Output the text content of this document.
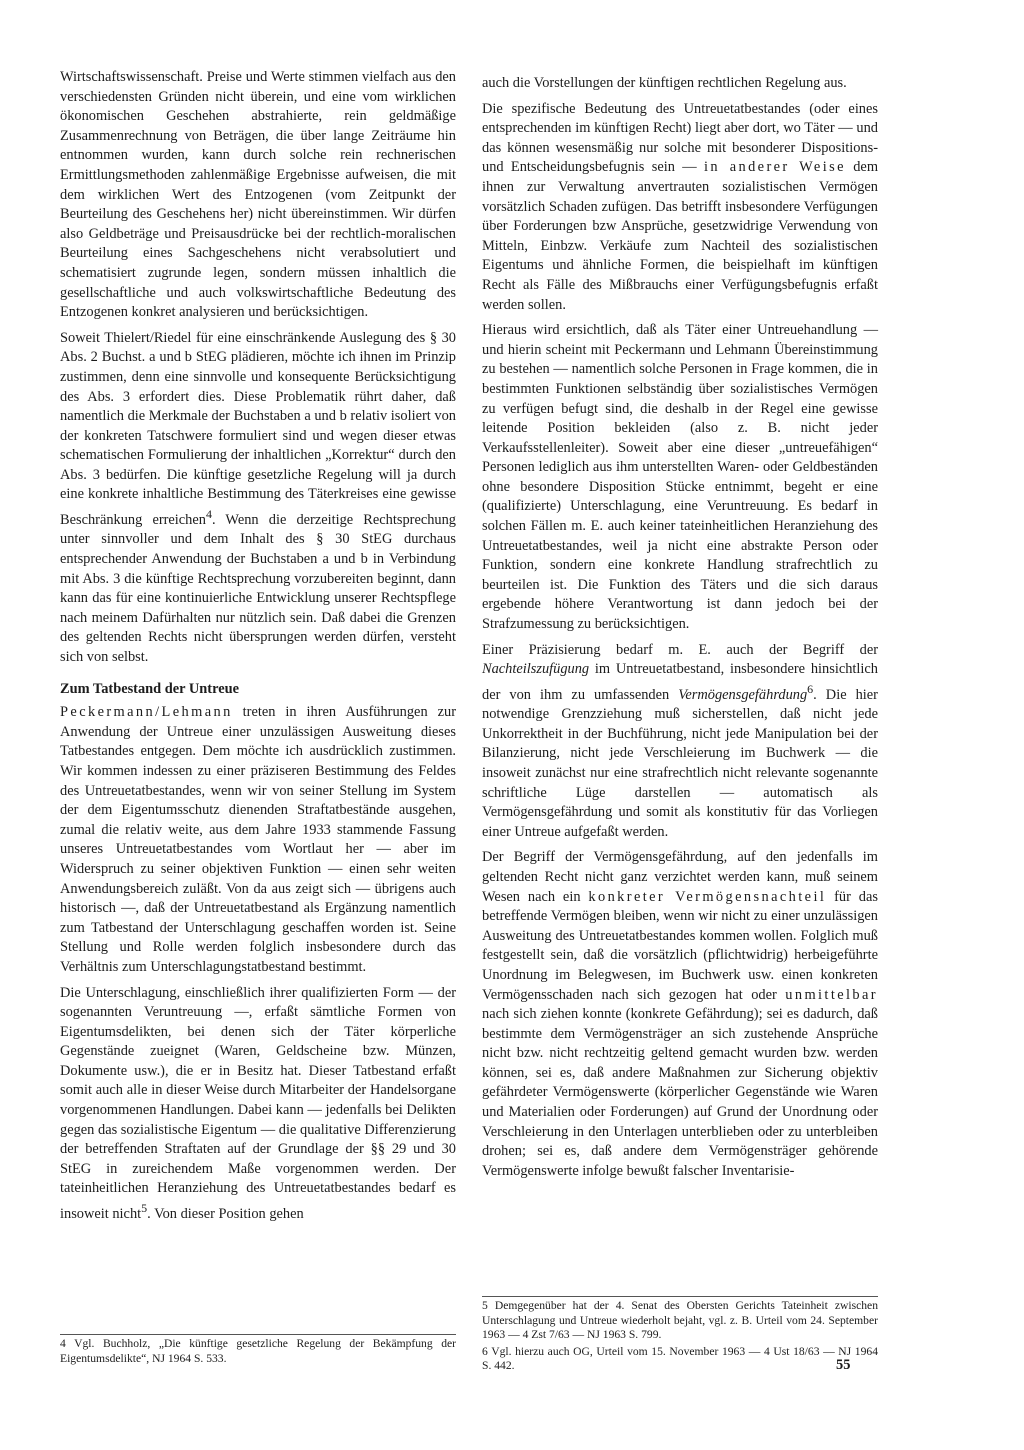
Wirtschaftswissenschaft. Preise und Werte stimmen vielfach aus den verschiedensten Gründen nicht überein, und eine vom wirklichen ökonomischen Geschehen abstrahierte, rein geldmäßige Zusammenrechnung von Beträgen, die über lange Zeiträume hin entnommen wurden, kann durch solche rein rechnerischen Ermittlungsmethoden zahlenmäßige Ergebnisse aufweisen, die mit dem wirklichen Wert des Entzogenen (vom Zeitpunkt der Beurteilung des Geschehens her) nicht übereinstimmen. Wir dürfen also Geldbeträge und Preisausdrücke bei der rechtlich-moralischen Beurteilung eines Sachgeschehens nicht verabsolutiert und schematisiert zugrunde legen, sondern müssen inhaltlich die gesellschaftliche und auch volkswirtschaftliche Bedeutung des Entzogenen konkret analysieren und berücksichtigen.

Soweit Thielert/Riedel für eine einschränkende Auslegung des § 30 Abs. 2 Buchst. a und b StEG plädieren, möchte ich ihnen im Prinzip zustimmen, denn eine sinnvolle und konsequente Berücksichtigung des Abs. 3 erfordert dies. Diese Problematik rührt daher, daß namentlich die Merkmale der Buchstaben a und b relativ isoliert von der konkreten Tatschwere formuliert sind und wegen dieser etwas schematischen Formulierung der inhaltlichen „Korrektur“ durch den Abs. 3 bedürfen. Die künftige gesetzliche Regelung will ja durch eine konkrete inhaltliche Bestimmung des Täterkreises eine gewisse Beschränkung erreichen$^4$. Wenn die derzeitige Rechtsprechung unter sinnvoller und dem Inhalt des § 30 StEG durchaus entsprechender Anwendung der Buchstaben a und b in Verbindung mit Abs. 3 die künftige Rechtsprechung vorzubereiten beginnt, dann kann das für eine kontinuierliche Entwicklung unserer Rechtspflege nach meinem Dafürhalten nur nützlich sein. Daß dabei die Grenzen des geltenden Rechts nicht übersprungen werden dürfen, versteht sich von selbst.

Zum Tatbestand der Untreue

Peckermann/Lehmann treten in ihren Ausführungen zur Anwendung der Untreue einer unzulässigen Ausweitung dieses Tatbestandes entgegen. Dem möchte ich ausdrücklich zustimmen. Wir kommen indessen zu einer präziseren Bestimmung des Feldes des Untreuetatbestandes, wenn wir von seiner Stellung im System der dem Eigentumsschutz dienenden Straftatbestände ausgehen, zumal die relativ weite, aus dem Jahre 1933 stammende Fassung unseres Untreuetatbestandes vom Wortlaut her — aber im Widerspruch zu seiner objektiven Funktion — einen sehr weiten Anwendungsbereich zuläßt. Von da aus zeigt sich — übrigens auch historisch —, daß der Untreuetatbestand als Ergänzung namentlich zum Tatbestand der Unterschlagung geschaffen worden ist. Seine Stellung und Rolle werden folglich insbesondere durch das Verhältnis zum Unterschlagungstatbestand bestimmt.

Die Unterschlagung, einschließlich ihrer qualifizierten Form — der sogenannten Veruntreuung —, erfaßt sämtliche Formen von Eigentumsdelikten, bei denen sich der Täter körperliche Gegenstände zueignet (Waren, Geldscheine bzw. Münzen, Dokumente usw.), die er in Besitz hat. Dieser Tatbestand erfaßt somit auch alle in dieser Weise durch Mitarbeiter der Handelsorgane vorgenommenen Handlungen. Dabei kann — jedenfalls bei Delikten gegen das sozialistische Eigentum — die qualitative Differenzierung der betreffenden Straftaten auf der Grundlage der §§ 29 und 30 StEG in zureichendem Maße vorgenommen werden. Der tateinheitlichen Heranziehung des Untreuetatbestandes bedarf es insoweit nicht$^5$. Von dieser Position gehen

4 Vgl. Buchholz, „Die künftige gesetzliche Regelung der Bekämpfung der Eigentumsdelikte“, NJ 1964 S. 533.

auch die Vorstellungen der künftigen rechtlichen Regelung aus.

Die spezifische Bedeutung des Untreuetatbestandes (oder eines entsprechenden im künftigen Recht) liegt aber dort, wo Täter — und das können wesensmäßig nur solche mit besonderer Dispositions- und Entscheidungsbefugnis sein — in anderer Weise dem ihnen zur Verwaltung anvertrauten sozialistischen Vermögen vorsätzlich Schaden zufügen. Das betrifft insbesondere Verfügungen über Forderungen bzw Ansprüche, gesetzwidrige Verwendung von Mitteln, Einbzw. Verkäufe zum Nachteil des sozialistischen Eigentums und ähnliche Formen, die beispielhaft im künftigen Recht als Fälle des Mißbrauchs einer Verfügungsbefugnis erfaßt werden sollen.

Hieraus wird ersichtlich, daß als Täter einer Untreuehandlung — und hierin scheint mit Peckermann und Lehmann Übereinstimmung zu bestehen — namentlich solche Personen in Frage kommen, die in bestimmten Funktionen selbständig über sozialistisches Vermögen zu verfügen befugt sind, die deshalb in der Regel eine gewisse leitende Position bekleiden (also z. B. nicht jeder Verkaufsstellenleiter). Soweit aber eine dieser „untreuefähigen“ Personen lediglich aus ihm unterstellten Waren- oder Geldbeständen ohne besondere Disposition Stücke entnimmt, begeht er eine (qualifizierte) Unterschlagung, eine Veruntreuung. Es bedarf in solchen Fällen m. E. auch keiner tateinheitlichen Heranziehung des Untreuetatbestandes, weil ja nicht eine abstrakte Person oder Funktion, sondern eine konkrete Handlung strafrechtlich zu beurteilen ist. Die Funktion des Täters und die sich daraus ergebende höhere Verantwortung ist dann jedoch bei der Strafzumessung zu berücksichtigen.

Einer Präzisierung bedarf m. E. auch der Begriff der Nachteilszufügung im Untreuetatbestand, insbesondere hinsichtlich der von ihm zu umfassenden Vermögensgefährdung$^6$. Die hier notwendige Grenzziehung muß sicherstellen, daß nicht jede Unkorrektheit in der Buchführung, nicht jede Manipulation bei der Bilanzierung, nicht jede Verschleierung im Buchwerk — die insoweit zunächst nur eine strafrechtlich nicht relevante sogenannte schriftliche Lüge darstellen — automatisch als Vermögensgefährdung und somit als konstitutiv für das Vorliegen einer Untreue aufgefaßt werden.

Der Begriff der Vermögensgefährdung, auf den jedenfalls im geltenden Recht nicht ganz verzichtet werden kann, muß seinem Wesen nach ein konkreter Vermögensnachteil für das betreffende Vermögen bleiben, wenn wir nicht zu einer unzulässigen Ausweitung des Untreuetatbestandes kommen wollen. Folglich muß festgestellt sein, daß die vorsätzlich (pflichtwidrig) herbeigeführte Unordnung im Belegwesen, im Buchwerk usw. einen konkreten Vermögensschaden nach sich gezogen hat oder unmittelbar nach sich ziehen konnte (konkrete Gefährdung); sei es dadurch, daß bestimmte dem Vermögensträger an sich zustehende Ansprüche nicht bzw. nicht rechtzeitig geltend gemacht wurden bzw. werden können, sei es, daß andere Maßnahmen zur Sicherung objektiv gefährdeter Vermögenswerte (körperlicher Gegenstände wie Waren und Materialien oder Forderungen) auf Grund der Unordnung oder Verschleierung in den Unterlagen unterblieben oder zu unterbleiben drohen; sei es, daß andere dem Vermögensträger gehörende Vermögenswerte infolge bewußt falscher Inventarisie-

5 Demgegenüber hat der 4. Senat des Obersten Gerichts Tateinheit zwischen Unterschlagung und Untreue wiederholt bejaht, vgl. z. B. Urteil vom 24. September 1963 — 4 Zst 7/63 — NJ 1963 S. 799.

6 Vgl. hierzu auch OG, Urteil vom 15. November 1963 — 4 Ust 18/63 — NJ 1964 S. 442.	55
